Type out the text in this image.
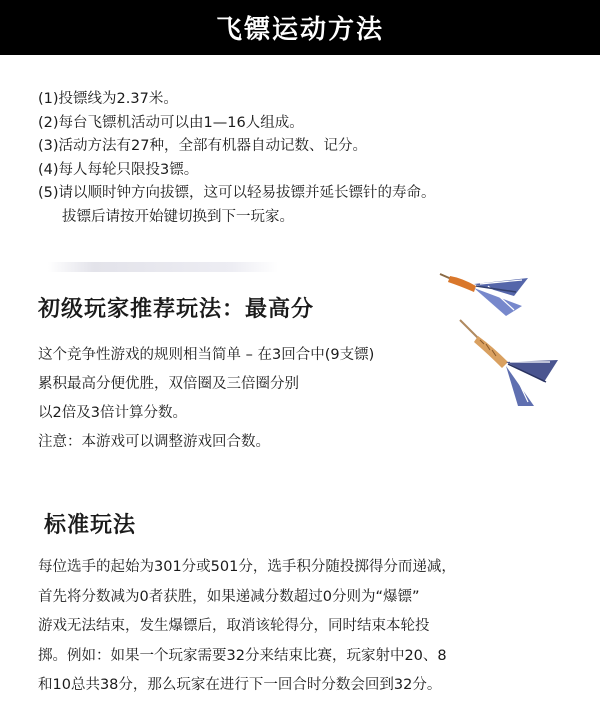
飞镖运动方法
(1)投镖线为2.37米。
(2)每台飞镖机活动可以由1—16人组成。
(3)活动方法有27种，全部有机器自动记数、记分。
(4)每人每轮只限投3镖。
(5)请以顺时钟方向拔镖，这可以轻易拔镖并延长镖针的寿命。
拔镖后请按开始键切换到下一玩家。
初级玩家推荐玩法：最高分
这个竞争性游戏的规则相当简单 – 在3回合中(9支镖)
累积最高分便优胜，双倍圈及三倍圈分别
以2倍及3倍计算分数。
注意：本游戏可以调整游戏回合数。
标准玩法
每位选手的起始为301分或501分，选手积分随投掷得分而递减，
首先将分数减为0者获胜，如果递减分数超过0分则为“爆镖”
游戏无法结束，发生爆镖后，取消该轮得分，同时结束本轮投
掷。例如：如果一个玩家需要32分来结束比赛，玩家射中20、8
和10总共38分，那么玩家在进行下一回合时分数会回到32分。
